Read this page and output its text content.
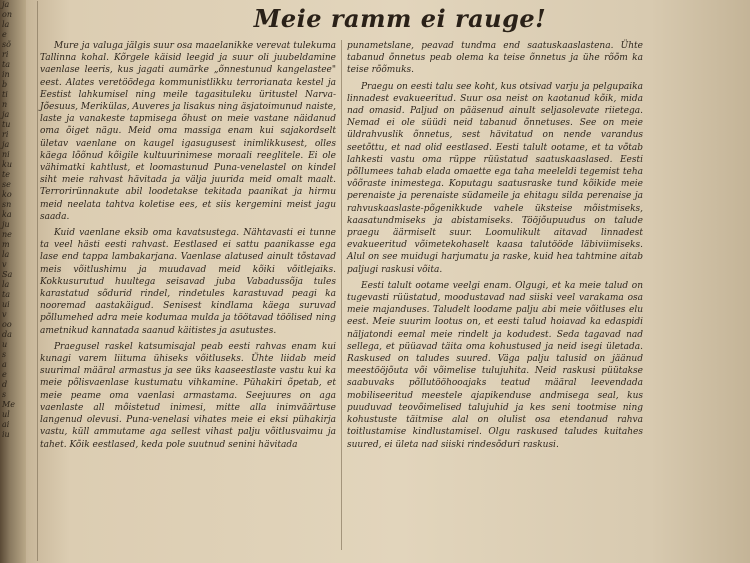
ja
on
la
e
sõ
ri
ta
in
b
ti
n
ja
tu
ri
ja
ni
ku
te
se
ko
sn
ka
ju
ne
m
la
v
Sa
la
ta
ui
v
oo
da
u
s
a
e
d
s
Me
ul
ai
iu
Meie ramm ei rauge!

Mure ja valuga jälgis suur osa maaelanikke verevat tulekuma Tallinna kohal. Kõrgele käisid leegid ja suur oli juubeldamine vaenlase leeris, kus jagati aumärke „õnnestunud kangelastee" eest. Alates veretöödega kommunistlikku terrorianata kestel ja Eestist lahkumisel ning meile tagasituleku üritustel Narva-Jõesuus, Merikülas, Auveres ja lisakus ning äsjatoimunud naiste, laste ja vanakeste tapmisega õhust on meie vastane näidanud oma õiget nägu. Meid oma massiga enam kui sajakordselt ületav vaenlane on kaugel igasugusest inimlikkusest, olles käega lõõnud kõigile kultuurinimese moraali reeglitele. Ei ole vähimatki kahtlust, et loomastunud Puna-venelastel on kindel siht meie rahvast hävitada ja välja juurida meid omalt maalt. Terrorirünnakute abil loodetakse tekitada paanikat ja hirmu meid neelata tahtva koletise ees, et siis kergemini meist jagu saada.

Kuid vaenlane eksib oma kavatsustega. Nähtavasti ei tunne ta veel hästi eesti rahvast. Eestlased ei sattu paanikasse ega lase end tappa lambakarjana. Vaenlase alatused ainult tõstavad meis võitlushimu ja muudavad meid kõiki võitlejaiks. Kokkusurutud huultega seisavad juba Vabadussõja tules karastatud sõdurid rindel, rindetules karastuvad peagi ka nooremad aastakäigud. Senisest kindlama käega suruvad põllumehed adra meie kodumaa mulda ja töötavad töölised ning ametnikud kannatada saanud käitistes ja asutustes.

Praegusel raskel katsumisajal peab eesti rahvas enam kui kunagi varem liituma ühiseks võitluseks. Ühte liidab meid suurimal määral armastus ja see üks kaaseestlaste vastu kui ka meie põlisvaenlase kustumatu vihkamine. Pühakiri õpetab, et meie peame oma vaenlasi armastama. Seejuures on aga vaenlaste all mõistetud inimesi, mitte alla inimväärtuse langenud olevusi. Puna-venelasi vihates meie ei eksi pühakirja vastu, küll ammutame aga sellest vihast palju võitlusvaimu ja tahet. Kõik eestlased, keda pole suutnud senini hävitada

punametslane, peavad tundma end saatuskaaslastena. Ühte tabanud õnnetus peab olema ka teise õnnetus ja ühe rõõm ka teise rõõmuks.

Praegu on eesti talu see koht, kus otsivad varju ja pelgupaika linnadest evakueeritud. Suur osa neist on kaotanud kõik, mida nad omasid. Paljud on pääsenud ainult seljasolevate riietega. Nemad ei ole süüdi neid tabanud õnnetuses. See on meie üldrahvuslik õnnetus, sest hävitatud on nende varandus seetõttu, et nad olid eestlased. Eesti talult ootame, et ta võtab lahkesti vastu oma rüppe rüüstatud saatuskaaslased. Eesti põllumees tahab elada omaette ega taha meeleldi tegemist teha võõraste inimestega. Koputagu saatusraske tund kõikide meie perenaiste ja perenaiste südameile ja ehitagu silda perenaise ja rahvuskaaslaste-põgenikkude vahele üksteise mõistmiseks, kaasatundmiseks ja abistamiseks. Tööjõupuudus on talude praegu äärmiselt suur. Loomulikult aitavad linnadest evakueeritud võimetekohaselt kaasa talutööde läbiviimiseks. Alul on see muidugi harjumatu ja raske, kuid hea tahtmine aitab paljugi raskusi võita.

Eesti talult ootame veelgi enam. Olgugi, et ka meie talud on tugevasti rüüstatud, moodustavad nad siiski veel varakama osa meie majanduses. Taludelt loodame palju abi meie võitluses elu eest. Meie suurim lootus on, et eesti talud hoiavad ka edaspidi näljatondi eemal meie rindelt ja kodudest. Seda tagavad nad sellega, et püüavad täita oma kohustused ja neid isegi ületada. Raskused on taludes suured. Väga palju talusid on jäänud meestööjõuta või võimelise tulujuhita. Neid raskusi püütakse saabuvaks põllutööhooajaks teatud määral leevendada mobiliseeritud meestele ajapikenduse andmisega seal, kus puuduvad teovõimelised talujuhid ja kes seni tootmise ning kohustuste täitmise alal on olulist osa etendanud rahva toitlustamise kindlustamisel. Olgu raskused taludes kuitahes suured, ei ületa nad siiski rindesõduri raskusi.
